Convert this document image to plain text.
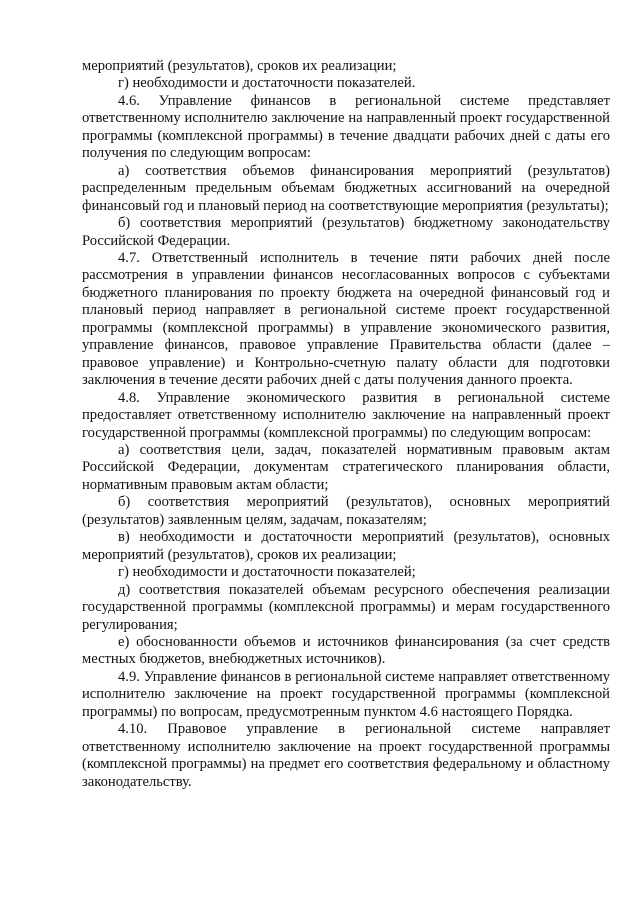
мероприятий (результатов), сроков их реализации;

г) необходимости и достаточности показателей.

4.6. Управление финансов в региональной системе представляет ответственному исполнителю заключение на направленный проект государственной программы (комплексной программы) в течение двадцати рабочих дней с даты его получения по следующим вопросам:

а) соответствия объемов финансирования мероприятий (результатов) распределенным предельным объемам бюджетных ассигнований на очередной финансовый год и плановый период на соответствующие мероприятия (результаты);

б) соответствия мероприятий (результатов) бюджетному законодательству Российской Федерации.

4.7. Ответственный исполнитель в течение пяти рабочих дней после рассмотрения в управлении финансов несогласованных вопросов с субъектами бюджетного планирования по проекту бюджета на очередной финансовый год и плановый период направляет в региональной системе проект государственной программы (комплексной программы) в управление экономического развития, управление финансов, правовое управление Правительства области (далее – правовое управление) и Контрольно-счетную палату области для подготовки заключения в течение десяти рабочих дней с даты получения данного проекта.

4.8. Управление экономического развития в региональной системе предоставляет ответственному исполнителю заключение на направленный проект государственной программы (комплексной программы) по следующим вопросам:

а) соответствия цели, задач, показателей нормативным правовым актам Российской Федерации, документам стратегического планирования области, нормативным правовым актам области;

б) соответствия мероприятий (результатов), основных мероприятий (результатов) заявленным целям, задачам, показателям;

в) необходимости и достаточности мероприятий (результатов), основных мероприятий (результатов), сроков их реализации;

г) необходимости и достаточности показателей;

д) соответствия показателей объемам ресурсного обеспечения реализации государственной программы (комплексной программы) и мерам государственного регулирования;

е) обоснованности объемов и источников финансирования (за счет средств местных бюджетов, внебюджетных источников).

4.9. Управление финансов в региональной системе направляет ответственному исполнителю заключение на проект государственной программы (комплексной программы) по вопросам, предусмотренным пунктом 4.6 настоящего Порядка.

4.10. Правовое управление в региональной системе направляет ответственному исполнителю заключение на проект государственной программы (комплексной программы) на предмет его соответствия федеральному и областному законодательству.
